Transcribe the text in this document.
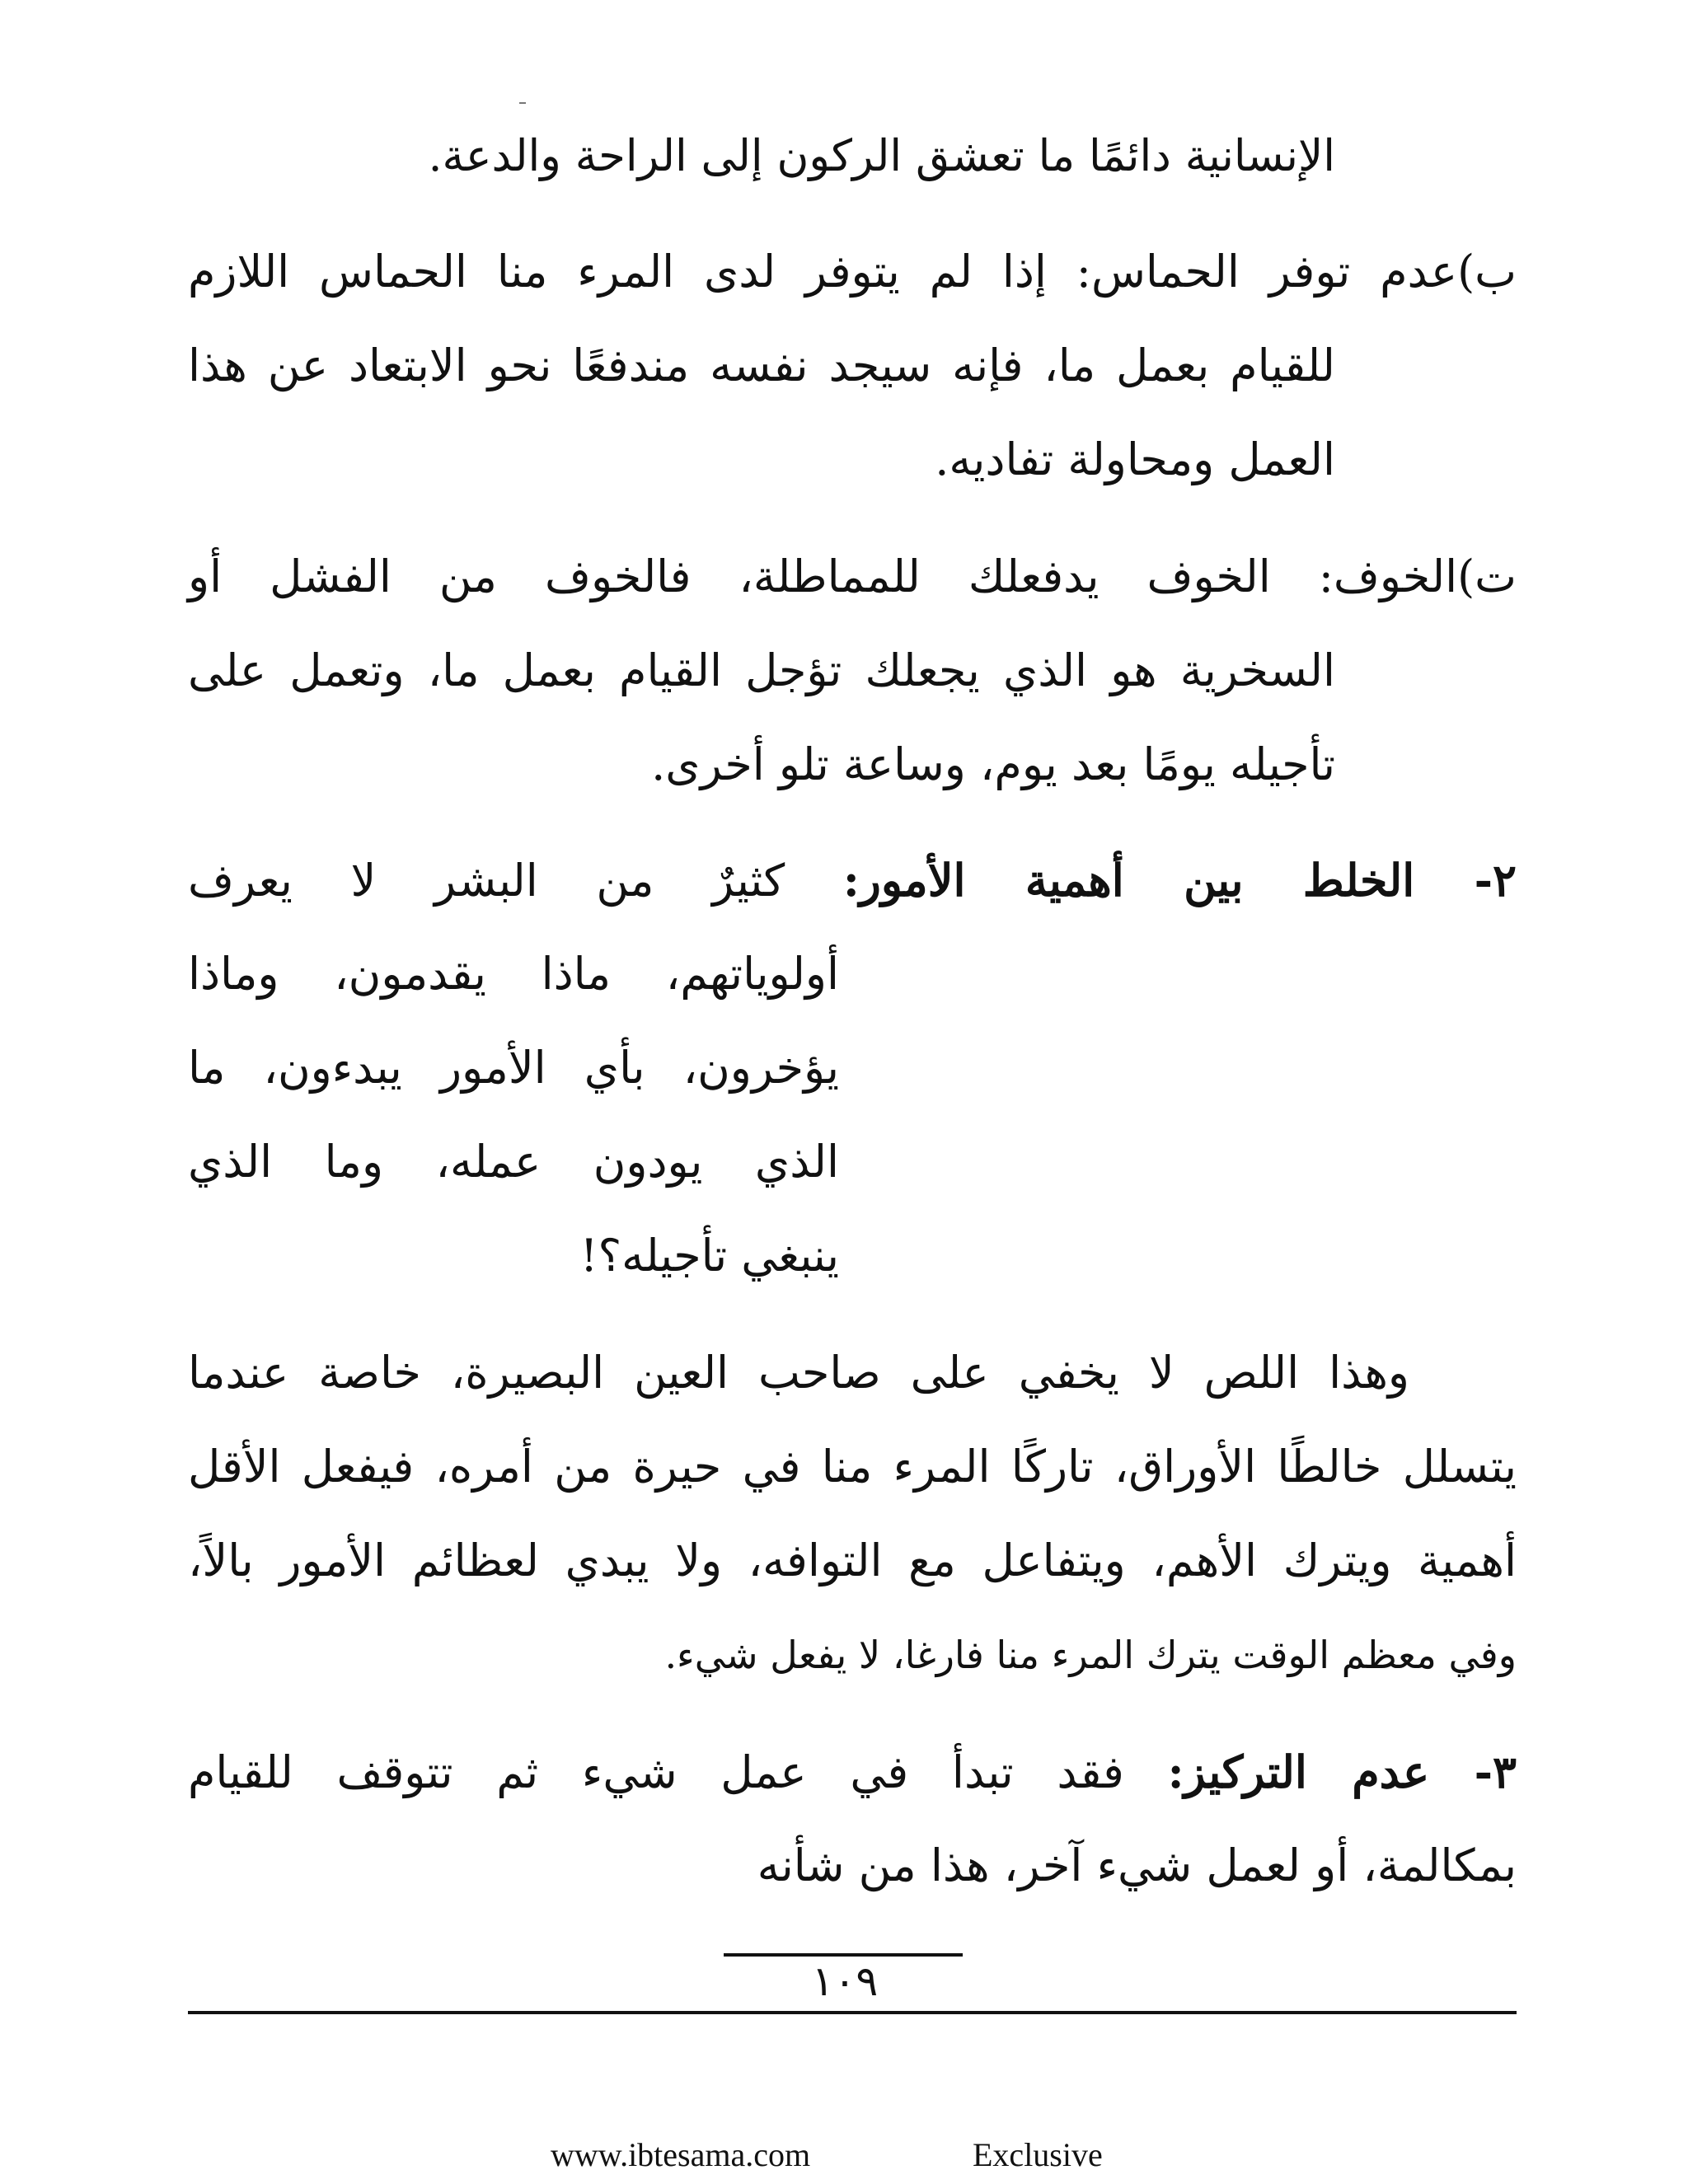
الإنسانية دائمًا ما تعشق الركون إلى الراحة والدعة.
ب)عدم توفر الحماس: إذا لم يتوفر لدى المرء منا الحماس اللازم
للقيام بعمل ما، فإنه سيجد نفسه مندفعًا نحو الابتعاد عن هذا
العمل ومحاولة تفاديه.
ت)الخوف: الخوف يدفعلك للمماطلة، فالخوف من الفشل أو
السخرية هو الذي يجعلك تؤجل القيام بعمل ما، وتعمل على
تأجيله يومًا بعد يوم، وساعة تلو أخرى.
٢- الخلط بين أهمية الأمور: كثيرٌ من البشر لا يعرف
أولوياتهم، ماذا يقدمون، وماذا
يؤخرون، بأي الأمور يبدءون، ما
الذي يودون عمله، وما الذي
ينبغي تأجيله؟!
وهذا اللص لا يخفي على صاحب العين البصيرة، خاصة عندما
يتسلل خالطًا الأوراق، تاركًا المرء منا في حيرة من أمره، فيفعل الأقل
أهمية ويترك الأهم، ويتفاعل مع التوافه، ولا يبدي لعظائم الأمور بالاً،
وفي معظم الوقت يترك المرء منا فارغا، لا يفعل شيء.
٣- عدم التركيز: فقد تبدأ في عمل شيء ثم تتوقف للقيام
بمكالمة، أو لعمل شيء آخر، هذا من شأنه
١٠٩
www.ibtesama.com	Exclusive
